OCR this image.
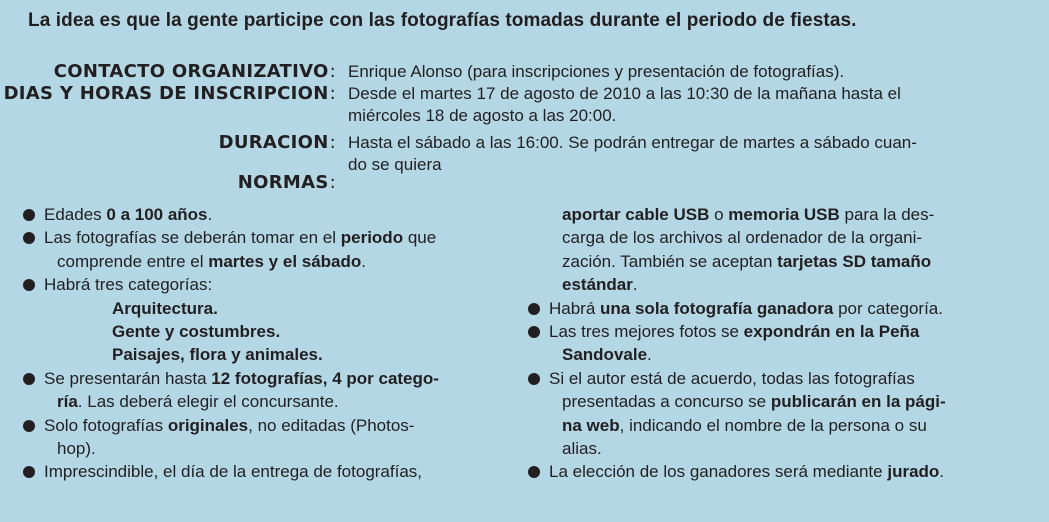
La idea es que la gente participe con las fotografías tomadas durante el periodo de fiestas.
CONTACTO ORGANIZATIVO :	Enrique Alonso (para inscripciones y presentación de fotografías).
DIAS Y HORAS DE INSCRIPCION :	Desde el martes 17 de agosto de 2010 a las 10:30 de la mañana hasta el
miércoles 18 de agosto a las 20:00.
DURACION :	Hasta el sábado a las 16:00. Se podrán entregar de martes a sábado cuan-
do se quiera
NORMAS :
Edades 0 a 100 años.
Las fotografías se deberán tomar en el periodo que
comprende entre el martes y el sábado.
Habrá tres categorías:
Arquitectura.
Gente y costumbres.
Paisajes, flora y animales.
Se presentarán hasta 12 fotografías, 4 por catego-
ría. Las deberá elegir el concursante.
Solo fotografías originales, no editadas (Photos-
hop).
Imprescindible, el día de la entrega de fotografías,
aportar cable USB o memoria USB para la des-
carga de los archivos al ordenador de la organi-
zación. También se aceptan tarjetas SD tamaño
estándar.
Habrá una sola fotografía ganadora por categoría.
Las tres mejores fotos se expondrán en la Peña
Sandovale.
Si el autor está de acuerdo, todas las fotografías
presentadas a concurso se publicarán en la pági-
na web, indicando el nombre de la persona o su
alias.
La elección de los ganadores será mediante jurado.
